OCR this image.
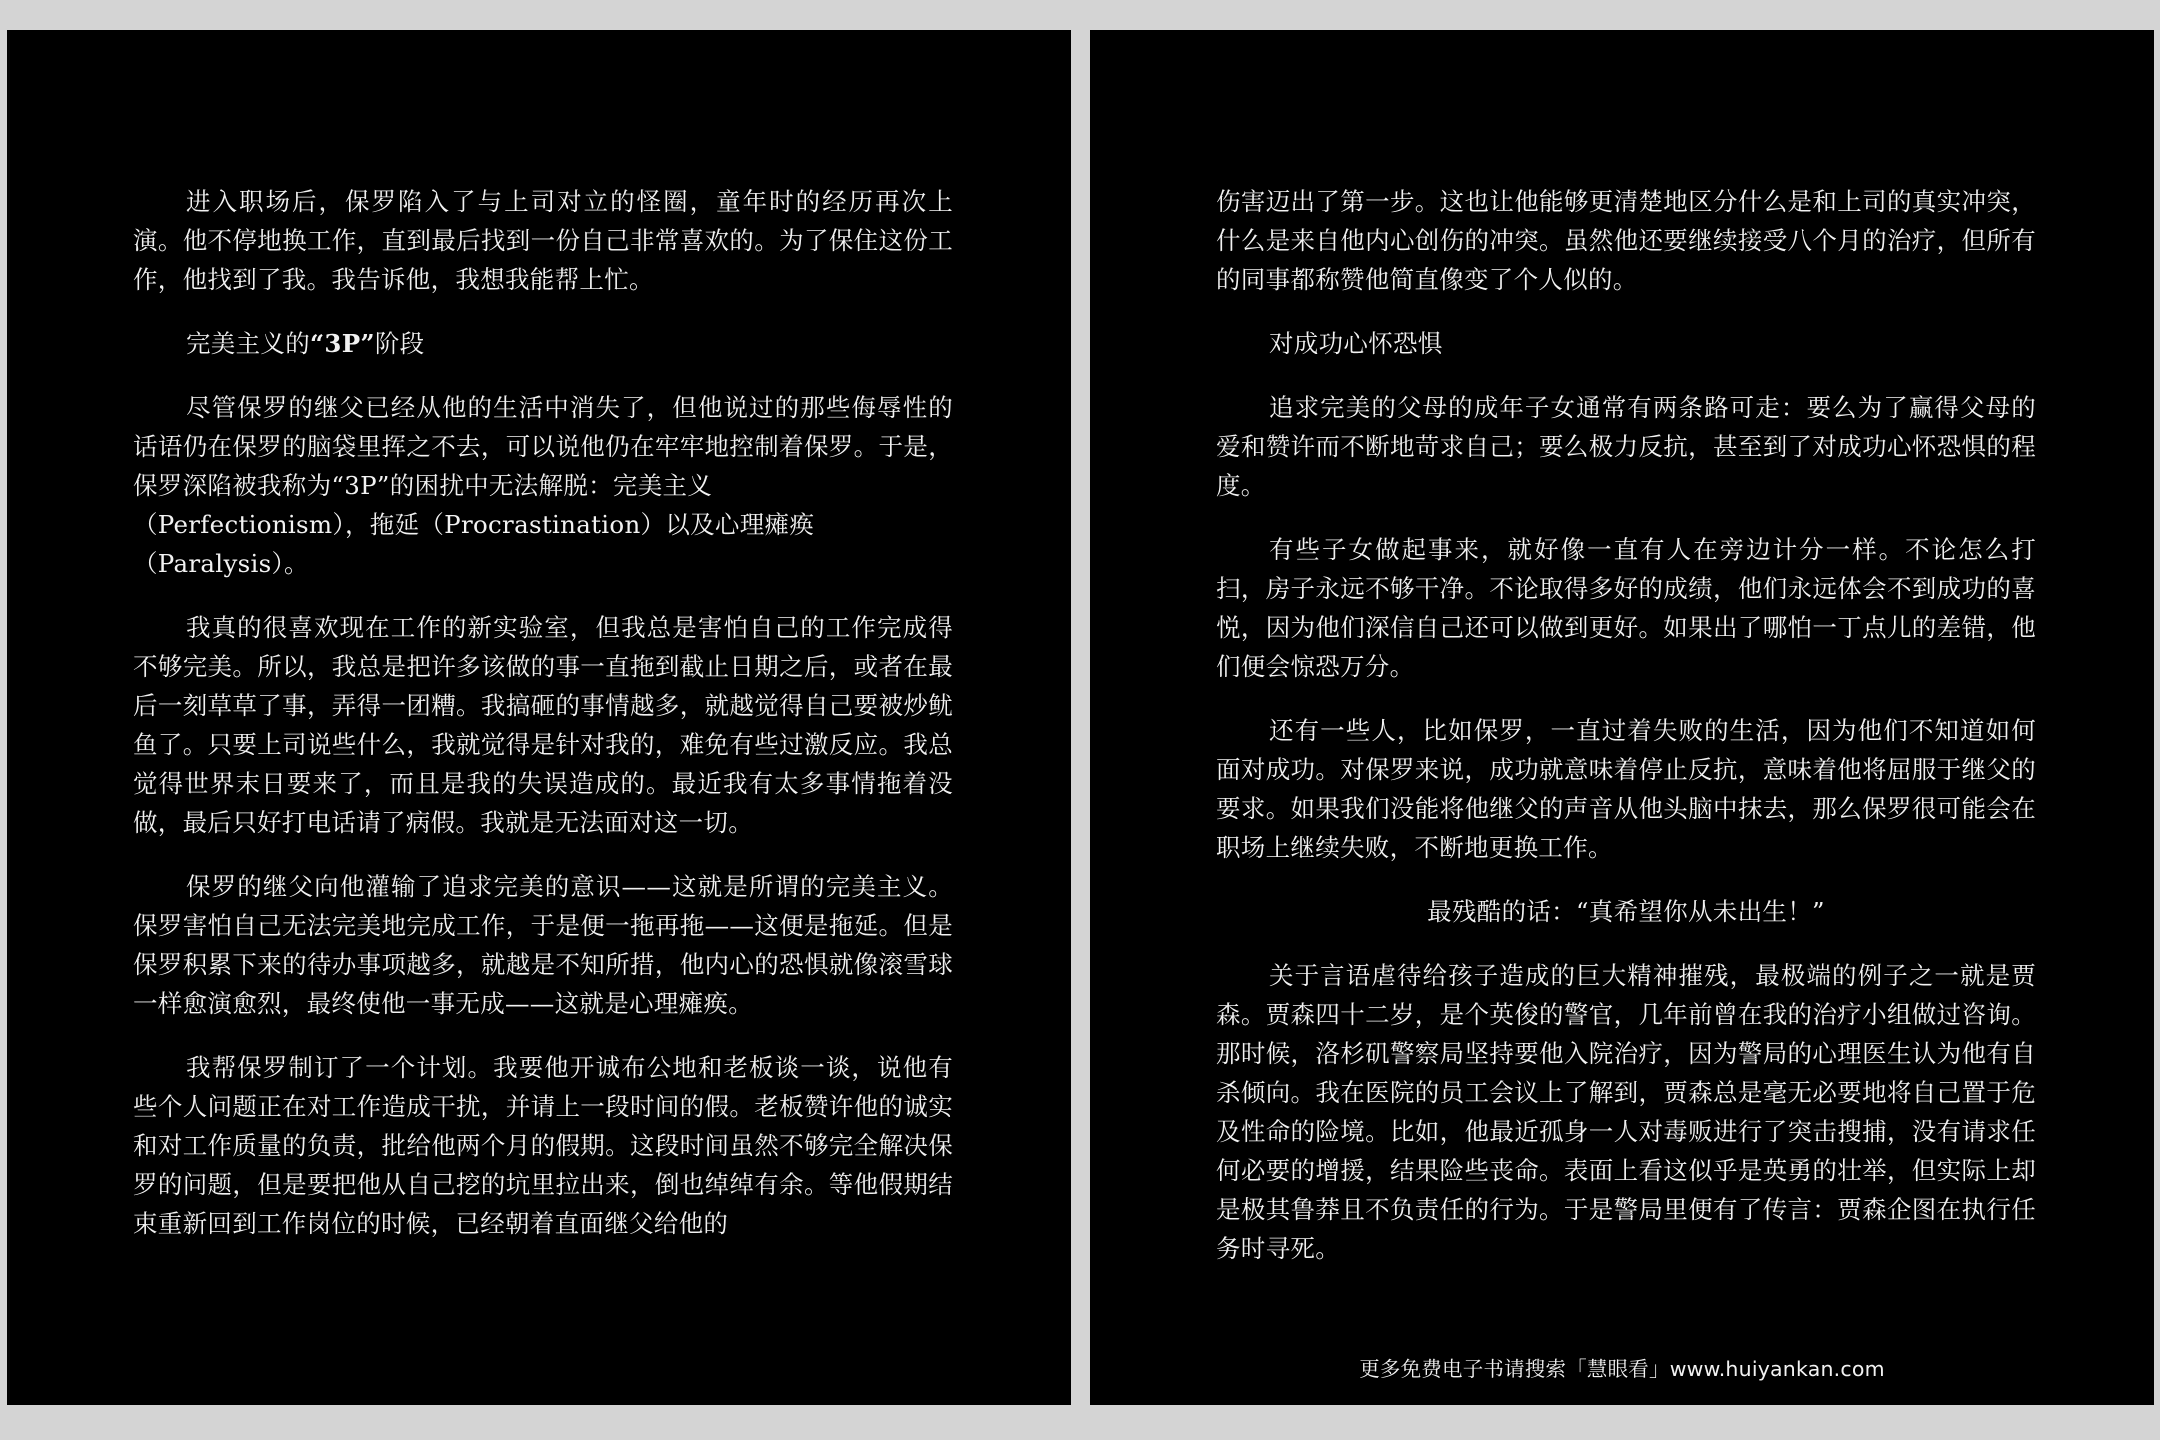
进入职场后，保罗陷入了与上司对立的怪圈，童年时的经历再次上演。他不停地换工作，直到最后找到一份自己非常喜欢的。为了保住这份工作，他找到了我。我告诉他，我想我能帮上忙。

完美主义的“3P”阶段

尽管保罗的继父已经从他的生活中消失了，但他说过的那些侮辱性的话语仍在保罗的脑袋里挥之不去，可以说他仍在牢牢地控制着保罗。于是，保罗深陷被我称为“3P”的困扰中无法解脱：完美主义
（Perfectionism），拖延（Procrastination）以及心理瘫痪
（Paralysis）。

我真的很喜欢现在工作的新实验室，但我总是害怕自己的工作完成得不够完美。所以，我总是把许多该做的事一直拖到截止日期之后，或者在最后一刻草草了事，弄得一团糟。我搞砸的事情越多，就越觉得自己要被炒鱿鱼了。只要上司说些什么，我就觉得是针对我的，难免有些过激反应。我总觉得世界末日要来了，而且是我的失误造成的。最近我有太多事情拖着没做，最后只好打电话请了病假。我就是无法面对这一切。

保罗的继父向他灌输了追求完美的意识——这就是所谓的完美主义。保罗害怕自己无法完美地完成工作，于是便一拖再拖——这便是拖延。但是保罗积累下来的待办事项越多，就越是不知所措，他内心的恐惧就像滚雪球一样愈演愈烈，最终使他一事无成——这就是心理瘫痪。

我帮保罗制订了一个计划。我要他开诚布公地和老板谈一谈，说他有些个人问题正在对工作造成干扰，并请上一段时间的假。老板赞许他的诚实和对工作质量的负责，批给他两个月的假期。这段时间虽然不够完全解决保罗的问题，但是要把他从自己挖的坑里拉出来，倒也绰绰有余。等他假期结束重新回到工作岗位的时候，已经朝着直面继父给他的

伤害迈出了第一步。这也让他能够更清楚地区分什么是和上司的真实冲突，什么是来自他内心创伤的冲突。虽然他还要继续接受八个月的治疗，但所有的同事都称赞他简直像变了个人似的。

对成功心怀恐惧

追求完美的父母的成年子女通常有两条路可走：要么为了赢得父母的爱和赞许而不断地苛求自己；要么极力反抗，甚至到了对成功心怀恐惧的程度。

有些子女做起事来，就好像一直有人在旁边计分一样。不论怎么打扫，房子永远不够干净。不论取得多好的成绩，他们永远体会不到成功的喜悦，因为他们深信自己还可以做到更好。如果出了哪怕一丁点儿的差错，他们便会惊恐万分。

还有一些人，比如保罗，一直过着失败的生活，因为他们不知道如何面对成功。对保罗来说，成功就意味着停止反抗，意味着他将屈服于继父的要求。如果我们没能将他继父的声音从他头脑中抹去，那么保罗很可能会在职场上继续失败，不断地更换工作。

最残酷的话：“真希望你从未出生！”

关于言语虐待给孩子造成的巨大精神摧残，最极端的例子之一就是贾森。贾森四十二岁，是个英俊的警官，几年前曾在我的治疗小组做过咨询。那时候，洛杉矶警察局坚持要他入院治疗，因为警局的心理医生认为他有自杀倾向。我在医院的员工会议上了解到，贾森总是毫无必要地将自己置于危及性命的险境。比如，他最近孤身一人对毒贩进行了突击搜捕，没有请求任何必要的增援，结果险些丧命。表面上看这似乎是英勇的壮举，但实际上却是极其鲁莽且不负责任的行为。于是警局里便有了传言：贾森企图在执行任务时寻死。

更多免费电子书请搜索「慧眼看」www.huiyankan.com
